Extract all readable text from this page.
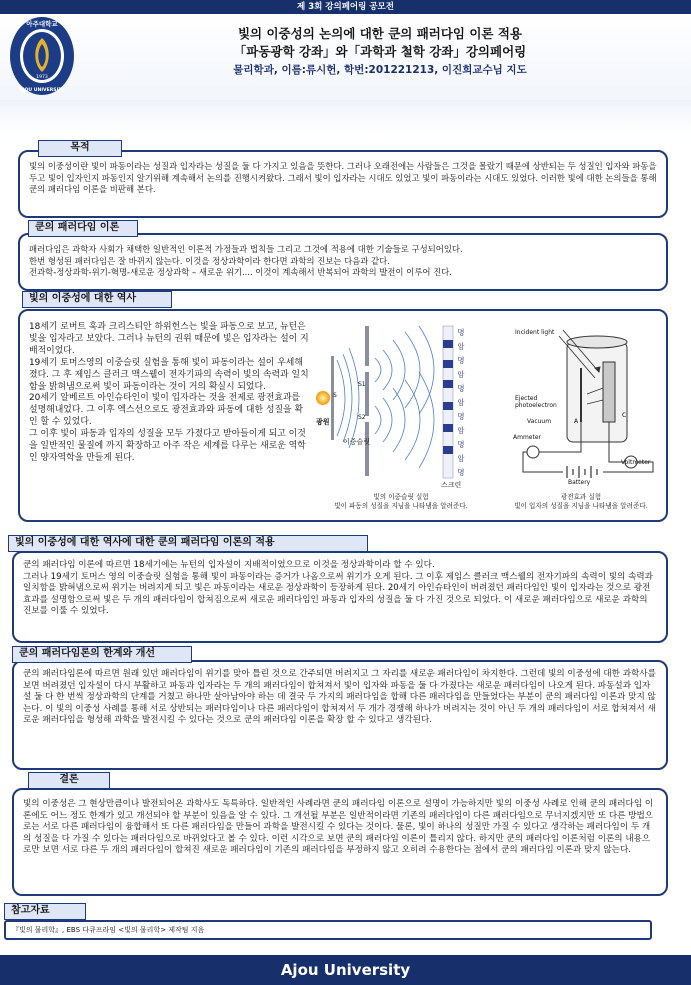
제 3회 강의페어링 공모전
아주대학교
AJOU UNIVERSITY
1973
빛의 이중성의 논의에 대한 쿤의 패러다임 이론 적용
「파동광학 강좌」와「과학과 철학 강좌」강의페어링
물리학과, 이름:류시헌, 학번:201221213, 이진희교수님 지도
빛의 이중성이란 빛이 파동이라는 성질과 입자라는 성질을 둘 다 가지고 있음을 뜻한다. 그러나 오래전에는 사람들은 그것을 몰랐기 때문에 상반되는 두 성질인 입자와 파동을 두고 빛이 입자인지 파동인지 알기위해 계속해서 논의를 진행시켜왔다. 그래서 빛이 입자라는 시대도 있었고 빛이 파동이라는 시대도 있었다. 이러한 빛에 대한 논의들을 통해 쿤의 패러다임 이론을 비판해 본다.
목적
패러다임은 과학자 사회가 채택한 일반적인 이론적 가정들과 법칙들 그리고 그것에 적용에 대한 기술들로 구성되어있다.
한번 형성된 패러다임은 잘 바뀌지 않는다. 이것을 정상과학이라 한다면 과학의 진보는 다음과 같다.
전과학-정상과학-위기-혁명-새로운 정상과학 – 새로운 위기.... 이것이 계속해서 반복되어 과학의 발전이 이루어 진다.
쿤의 패러다임 이론
18세기 로버트 훅과 크리스티안 하위헌스는 빛을 파동으로 보고, 뉴턴은 빛을 입자라고 보았다. 그러나 뉴턴의 권위 때문에 빛은 입자라는 설이 지배적이었다.
19세기 토머스영의 이중슬릿 실험을 통해 빛이 파동이라는 설이 우세해 졌다. 그 후 제임스 클러크 맥스웰이 전자기파의 속력이 빛의 속력과 일치함을 밝혀냄으로써 빛이 파동이라는 것이 거의 확실시 되었다.
20세기 알베르트 아인슈타인이 빛이 입자라는 것을 전제로 광전효과를 설명해내었다. 그 이후 엑스선으로도 광전효과와 파동에 대한 성질을 확인 할 수 있었다.
그 이후 빛이 파동과 입자의 성질을 모두 가졌다고 받아들이게 되고 이것을 일반적인 물질에 까지 확장하고 아주 작은 세계를 다루는 새로운 역학인 양자역학을 만들게 된다.
빛의 이중성에 대한 역사
광원
이중슬릿
S
S1
S2
스크린
명
암
명
암
명
암
명
암
명
암
명
빛의 이중슬릿 실험
빛이 파동의 성질을 지님을 나타냄을 알려준다.
Incident light
Ejected photoelectron
Vacuum	A
C
Ammeter
Voltmeter
Battery
광전효과 실험
빛이 입자의 성질을 지님을 나타냄을 알려준다.
쿤의 패러다임 이론에 따르면 18세기에는 뉴턴의 입자설이 지배적이었으므로 이것을 정상과학이라 할 수 있다.
그러나 19세기 토머스 영의 이중슬릿 실험을 통해 빛이 파동이라는 증거가 나옴으로써 위기가 오게 된다. 그 이후 제임스 클러크 맥스웰의 전자기파의 속력이 빛의 속력과 일치함을 밝혀냄으로써 위기는 버려지게 되고 빛은 파동이라는 새로운 정상과학이 등장하게 된다. 20세기 아인슈타인이 버려졌던 패러다임인 빛이 입자라는 것으로 광전효과를 설명함으로써 빛은 두 개의 패러다임이 합쳐짐으로써 새로운 패러다임인 파동과 입자의 성질을 둘 다 가진 것으로 되었다. 이 새로운 패러다임으로 새로운 과학의 진보를 이룰 수 있었다.
빛의 이중성에 대한 역사에 대한 쿤의 패러다임 이론의 적용
쿤의 패러다임론에 따르면 원래 있던 패러다임이 위기를 맞아 틀린 것으로 간주되면 버려지고 그 자리를 새로운 패러다임이 차지한다. 그런데 빛의 이중성에 대한 과학사를 보면 버려졌던 입자설이 다시 부활하고 파동과 입자라는 두 개의 패러다임이 합쳐져서 빛이 입자와 파동을 둘 다 가졌다는 새로운 패러다임이 나오게 된다. 파동설과 입자설 둘 다 한 번씩 정상과학의 단계를 거쳤고 하나만 살아남아야 하는 데 결국 두 가지의 패러다임을 합해 다른 패러다임을 만들었다는 부분이 쿤의 패러다임 이론과 맞지 않는다. 이 빛의 이중성 사례를 통해 서로 상반되는 패러다임이나 다른 패러다임이 합쳐져서 두 개가 경쟁해 하나가 버려지는 것이 아닌 두 개의 패러다임이 서로 합쳐져서 새로운 패러다임을 형성해 과학을 발전시킬 수 있다는 것으로 쿤의 패러다임 이론을 확장 할 수 있다고 생각된다.
쿤의 패러다임론의 한계와 개선
빛의 이중성은 그 현상만큼이나 발전되어온 과학사도 독특하다. 일반적인 사례라면 쿤의 패러다임 이론으로 설명이 가능하지만 빛의 이중성 사례로 인해 쿤의 패러다임 이론에도 어느 정도 한계가 있고 개선되야 할 부분이 있음을 알 수 있다. 그 개선될 부분은 일반적이라면 기존의 패러다임이 다른 패러다임으로 무너지겠지만 또 다른 방법으로는 서로 다른 패러다임이 융합해서 또 다른 패러다임을 만들어 과학을 발전시킬 수 있다는 것이다. 물론, 빛이 하나의 성질만 가질 수 있다고 생각하는 패러다임이 두 개의 성질을 다 가질 수 있다는 패러다임으로 바뀌었다고 볼 수 있다. 이런 시각으로 보면 쿤의 패러다임 이론이 틀리지 않다. 하지만 쿤의 패러다임 이론처럼 이론의 내용으로만 보면 서로 다른 두 개의 패러다임이 합쳐진 새로운 패러다임이 기존의 패러다임을 부정하지 않고 오히려 수용한다는 점에서 쿤의 패러다임 이론과 맞지 않는다.
결론
『빛의 물리학』, EBS 다큐프라임 <빛의 물리학> 제작팀 지음
참고자료
Ajou University
